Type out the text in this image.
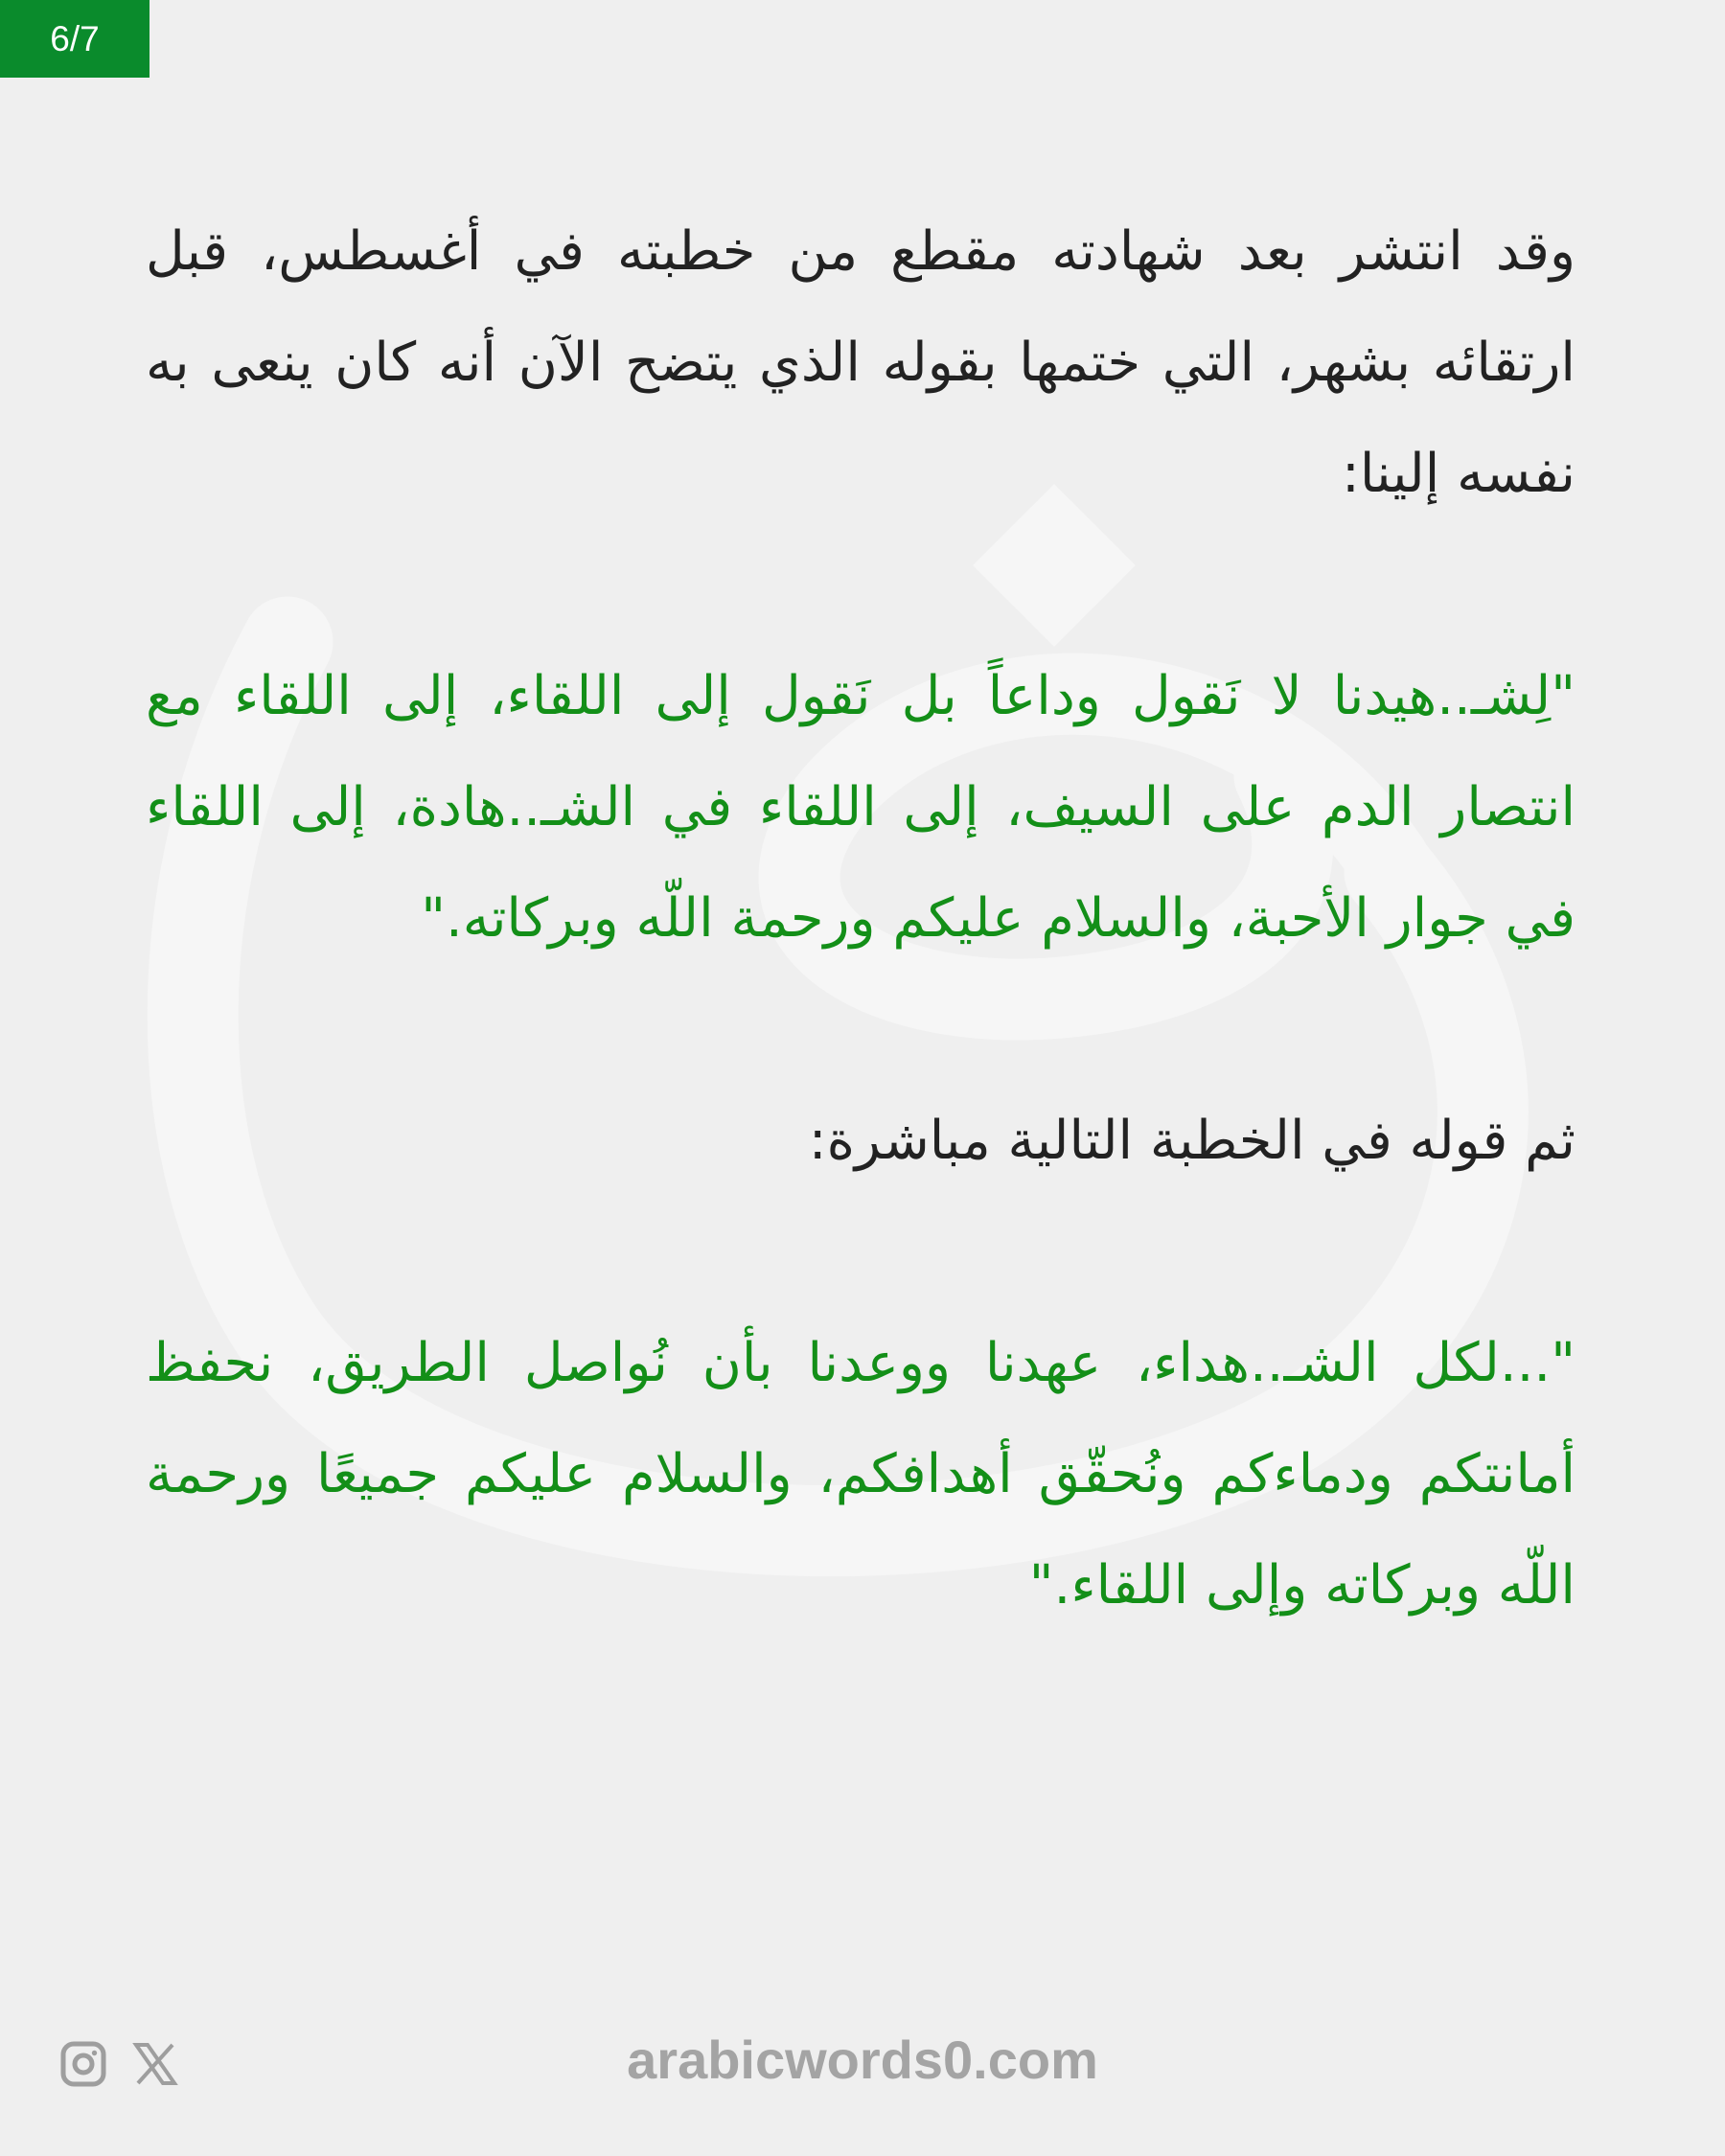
6/7

وقد انتشر بعد شهادته مقطع من خطبته في أغسطس، قبل ارتقائه بشهر، التي ختمها بقوله الذي يتضح الآن أنه كان ينعى به نفسه إلينا:

"لِشـ..هيدنا لا نَقول وداعاً بل نَقول إلى اللقاء، إلى اللقاء مع انتصار الدم على السيف، إلى اللقاء في الشـ..هادة، إلى اللقاء في جوار الأحبة، والسلام عليكم ورحمة اللّه وبركاته."

ثم قوله في الخطبة التالية مباشرة:

"...لكل الشـ..هداء، عهدنا ووعدنا بأن نُواصل الطريق، نحفظ أمانتكم ودماءكم ونُحقّق أهدافكم، والسلام عليكم جميعًا ورحمة اللّه وبركاته وإلى اللقاء."

arabicwords0.com
